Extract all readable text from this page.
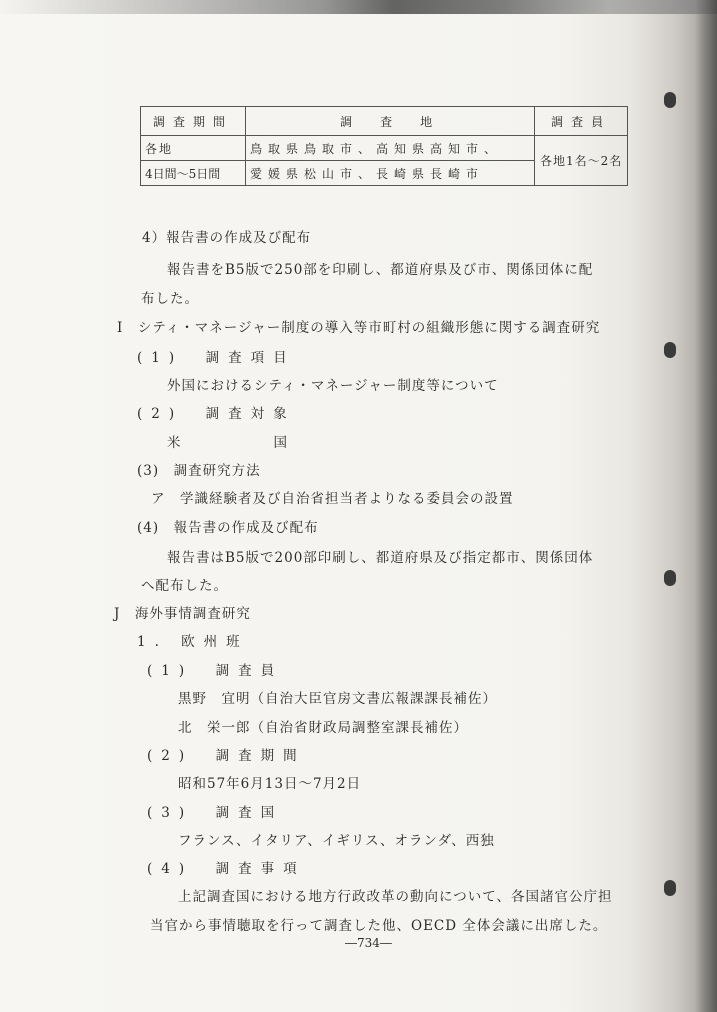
調査期間	調　査　地	調査員
各地	鳥取県鳥取市、高知県高知市、	各地1名～2名
4日間～5日間	愛媛県松山市、長崎県長崎市	
4）報告書の作成及び配布
報告書をB5版で250部を印刷し、都道府県及び市、関係団体に配
布した。
I　シティ・マネージャー制度の導入等市町村の組織形態に関する調査研究
(1)　調査項目
外国におけるシティ・マネージャー制度等について
(2)　調査対象
米　　国
(3)　調査研究方法
ア　学識経験者及び自治省担当者よりなる委員会の設置
(4)　報告書の作成及び配布
報告書はB5版で200部印刷し、都道府県及び指定都市、関係団体
へ配布した。
J　海外事情調査研究
1. 欧州班
(1)　調査員
黒野　宜明（自治大臣官房文書広報課課長補佐）
北　栄一郎（自治省財政局調整室課長補佐）
(2)　調査期間
昭和57年6月13日～7月2日
(3)　調査国
フランス、イタリア、イギリス、オランダ、西独
(4)　調査事項
上記調査国における地方行政改革の動向について、各国諸官公庁担
当官から事情聴取を行って調査した他、OECD 全体会議に出席した。
―734―
